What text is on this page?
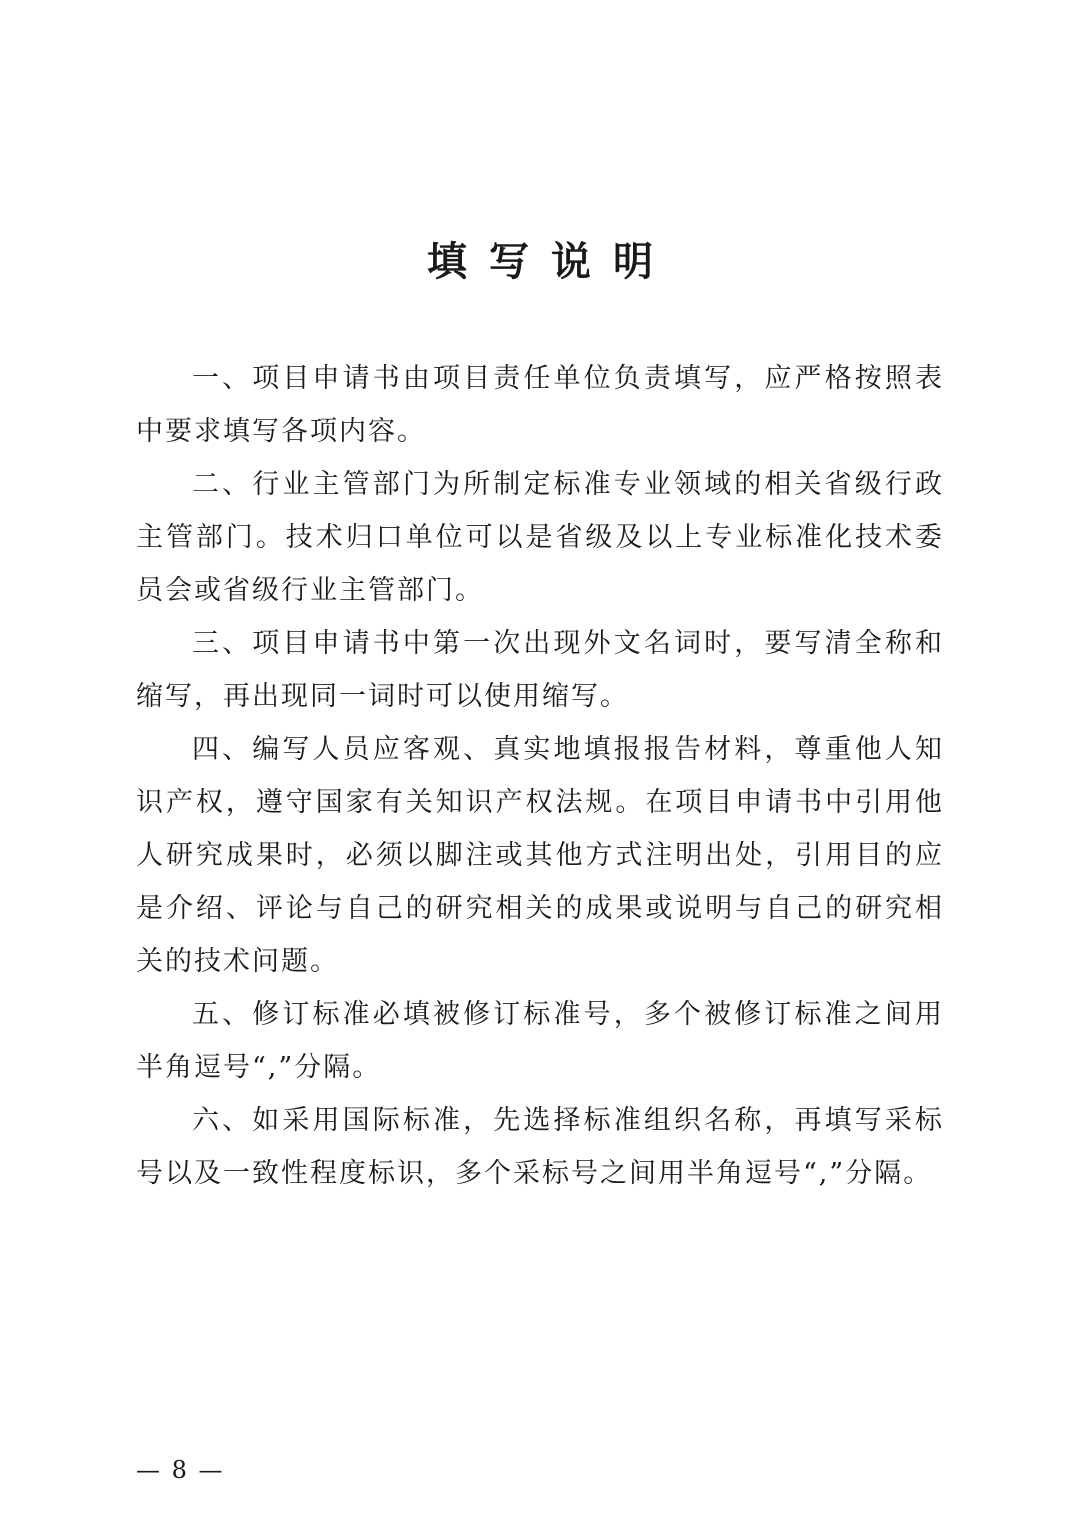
填写说明

一、项目申请书由项目责任单位负责填写，应严格按照表中要求填写各项内容。

二、行业主管部门为所制定标准专业领域的相关省级行政主管部门。技术归口单位可以是省级及以上专业标准化技术委员会或省级行业主管部门。

三、项目申请书中第一次出现外文名词时，要写清全称和缩写，再出现同一词时可以使用缩写。

四、编写人员应客观、真实地填报报告材料，尊重他人知识产权，遵守国家有关知识产权法规。在项目申请书中引用他人研究成果时，必须以脚注或其他方式注明出处，引用目的应是介绍、评论与自己的研究相关的成果或说明与自己的研究相关的技术问题。

五、修订标准必填被修订标准号，多个被修订标准之间用半角逗号“,”分隔。

六、如采用国际标准，先选择标准组织名称，再填写采标号以及一致性程度标识，多个采标号之间用半角逗号“,”分隔。

— 8 —
